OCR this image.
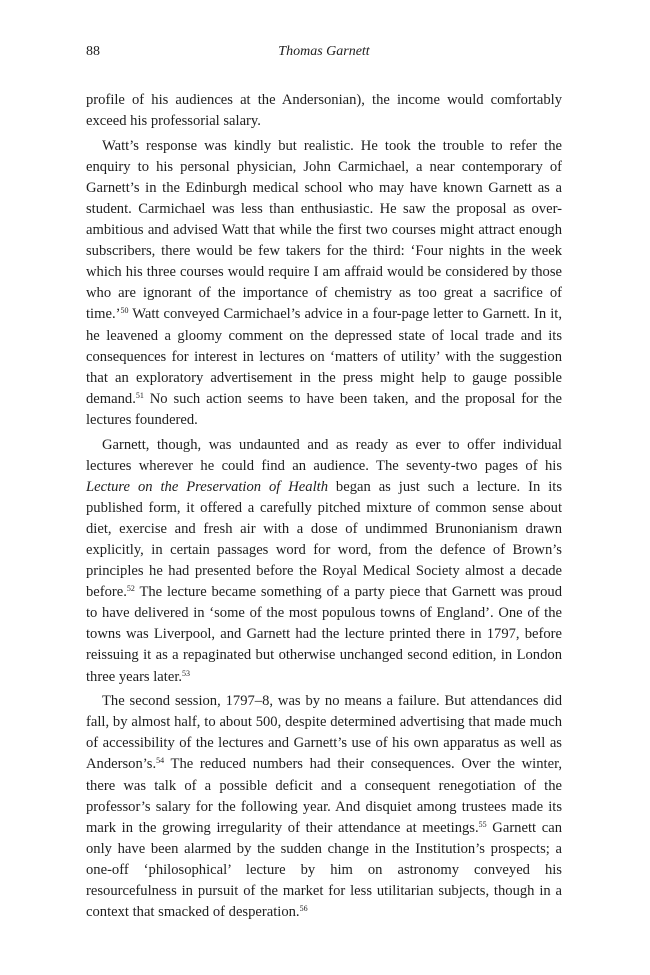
88	Thomas Garnett

profile of his audiences at the Andersonian), the income would comfortably exceed his professorial salary.

Watt’s response was kindly but realistic. He took the trouble to refer the enquiry to his personal physician, John Carmichael, a near contemporary of Garnett’s in the Edinburgh medical school who may have known Garnett as a student. Carmichael was less than enthusiastic. He saw the proposal as over-ambitious and advised Watt that while the first two courses might attract enough subscribers, there would be few takers for the third: ‘Four nights in the week which his three courses would require I am affraid would be considered by those who are ignorant of the importance of chemistry as too great a sacrifice of time.’$^{50}$ Watt conveyed Carmichael’s advice in a four-page letter to Garnett. In it, he leavened a gloomy comment on the depressed state of local trade and its consequences for interest in lectures on ‘matters of utility’ with the suggestion that an exploratory advertisement in the press might help to gauge possible demand.$^{51}$ No such action seems to have been taken, and the proposal for the lectures foundered.

Garnett, though, was undaunted and as ready as ever to offer individual lectures wherever he could find an audience. The seventy-two pages of his Lecture on the Preservation of Health began as just such a lecture. In its published form, it offered a carefully pitched mixture of common sense about diet, exercise and fresh air with a dose of undimmed Brunonianism drawn explicitly, in certain passages word for word, from the defence of Brown’s principles he had presented before the Royal Medical Society almost a decade before.$^{52}$ The lecture became something of a party piece that Garnett was proud to have delivered in ‘some of the most populous towns of England’. One of the towns was Liverpool, and Garnett had the lecture printed there in 1797, before reissuing it as a repaginated but otherwise unchanged second edition, in London three years later.$^{53}$

The second session, 1797–8, was by no means a failure. But attendances did fall, by almost half, to about 500, despite determined advertising that made much of accessibility of the lectures and Garnett’s use of his own apparatus as well as Anderson’s.$^{54}$ The reduced numbers had their consequences. Over the winter, there was talk of a possible deficit and a consequent renegotiation of the professor’s salary for the following year. And disquiet among trustees made its mark in the growing irregularity of their attendance at meetings.$^{55}$ Garnett can only have been alarmed by the sudden change in the Institution’s prospects; a one-off ‘philosophical’ lecture by him on astronomy conveyed his resourcefulness in pursuit of the market for less utilitarian subjects, though in a context that smacked of desperation.$^{56}$
